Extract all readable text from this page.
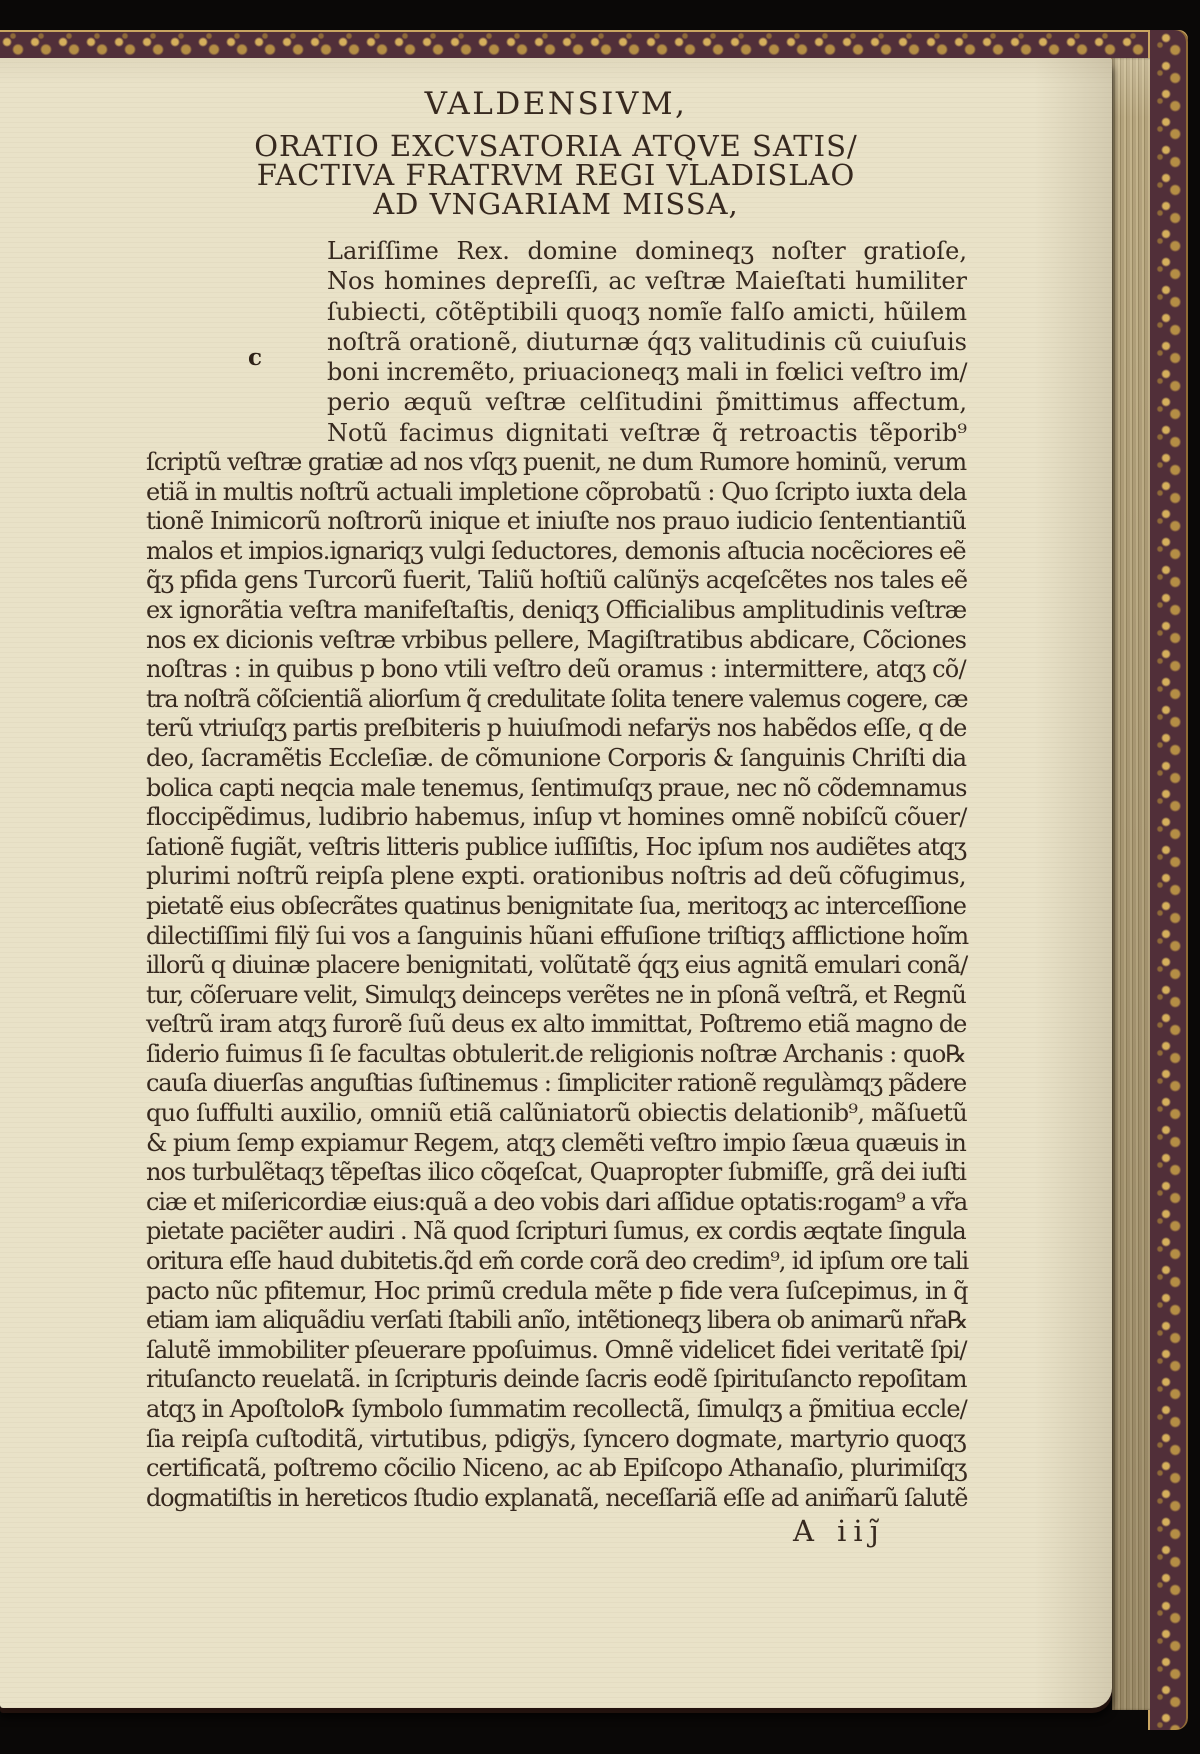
VALDENSIVM,
ORATIO EXCVSATORIA ATQVE SATIS∕
FACTIVA FRATRVM REGI VLADISLAO
AD VNGARIAM MISSA,
c
Lariſſime Rex. domine domineqʒ noſter gratioſe,
Nos homines depreſſi, ac veſtræ Maieſtati humiliter
ſubiecti, cõtẽptibili quoqʒ nomĩe falſo amicti, hũilem
noſtrã orationẽ, diuturnæ q́qʒ valitudinis cũ cuiuſuis
boni incremẽto, priuacioneqʒ mali in fœlici veſtro im∕
perio æquũ veſtræ celſitudini p̃mittimus affectum,
Notũ facimus dignitati veſtræ q̃ retroactis tẽporib⁹
ſcriptũ veſtræ gratiæ ad nos vſqʒ puenit, ne dum Rumore hominũ, verum
etiã in multis noſtrũ actuali impletione cõprobatũ : Quo ſcripto iuxta dela
tionẽ Inimicorũ noſtrorũ inique et iniuſte nos prauo iudicio ſententiantiũ
malos et impios.ignariqʒ vulgi ſeductores, demonis aſtucia nocẽciores eẽ
q̃ʒ pfida gens Turcorũ fuerit, Taliũ hoſtiũ calũnÿs acqeſcẽtes nos tales eẽ
ex ignorãtia veſtra manifeſtaſtis, deniqʒ Officialibus amplitudinis veſtræ
nos ex dicionis veſtræ vrbibus pellere, Magiſtratibus abdicare, Cõciones
noſtras : in quibus p bono vtili veſtro deũ oramus : intermittere, atqʒ cõ∕
tra noſtrã cõſcientiã aliorſum q̃ credulitate ſolita tenere valemus cogere, cæ
terũ vtriuſqʒ partis preſbiteris p huiuſmodi nefarÿs nos habẽdos eſſe, q de
deo, ſacramẽtis Eccleſiæ. de cõmunione Corporis & ſanguinis Chriſti dia
bolica capti neqcia male tenemus, ſentimuſqʒ praue, nec nõ cõdemnamus
floccipẽdimus, ludibrio habemus, inſup vt homines omnẽ nobiſcũ cõuer∕
ſationẽ fugiãt, veſtris litteris publice iuſſiſtis, Hoc ipſum nos audiẽtes atqʒ
plurimi noſtrũ reipſa plene expti. orationibus noſtris ad deũ cõfugimus,
pietatẽ eius obſecrãtes quatinus benignitate ſua, meritoqʒ ac interceſſione
dilectiſſimi filÿ ſui vos a ſanguinis hũani effuſione triſtiqʒ afflictione hoĩm
illorũ q diuinæ placere benignitati, volũtatẽ q́qʒ eius agnitã emulari conã∕
tur, cõſeruare velit, Simulqʒ deinceps verẽtes ne in pſonã veſtrã, et Regnũ
veſtrũ iram atqʒ furorẽ ſuũ deus ex alto immittat, Poſtremo etiã magno de
ſiderio fuimus ſi ſe facultas obtulerit.de religionis noſtræ Archanis : quo℞
cauſa diuerſas anguſtias ſuſtinemus : ſimpliciter rationẽ regulàmqʒ pãdere
quo ſuffulti auxilio, omniũ etiã calũniatorũ obiectis delationib⁹, mãſuetũ
& pium ſemp expiamur Regem, atqʒ clemẽti veſtro impio ſæua quæuis in
nos turbulẽtaqʒ tẽpeſtas ilico cõqeſcat, Quapropter ſubmiſſe, grã dei iuſti
ciæ et miſericordiæ eius:quã a deo vobis dari aſſidue optatis:rogam⁹ a vr̃a
pietate paciẽter audiri . Nã quod ſcripturi ſumus, ex cordis æqtate ſingula
oritura eſſe haud dubitetis.q̃d em̃ corde corã deo credim⁹, id ipſum ore tali
pacto nũc pfitemur, Hoc primũ credula mẽte p fide vera ſuſcepimus, in q̃
etiam iam aliquãdiu verſati ſtabili anĩo, intẽtioneqʒ libera ob animarũ nr̃a℞
ſalutẽ immobiliter pſeuerare ppoſuimus. Omnẽ videlicet fidei veritatẽ ſpi∕
rituſancto reuelatã. in ſcripturis deinde ſacris eodẽ ſpirituſancto repoſitam
atqʒ in Apoſtolo℞ ſymbolo ſummatim recollectã, ſimulqʒ a p̃mitiua eccle∕
ſia reipſa cuſtoditã, virtutibus, pdigÿs, ſyncero dogmate, martyrio quoqʒ
certificatã, poſtremo cõcilio Niceno, ac ab Epiſcopo Athanaſio, plurimiſqʒ
dogmatiſtis in hereticos ſtudio explanatã, neceſſariã eſſe ad anim̃arũ ſalutẽ
A iij̃
